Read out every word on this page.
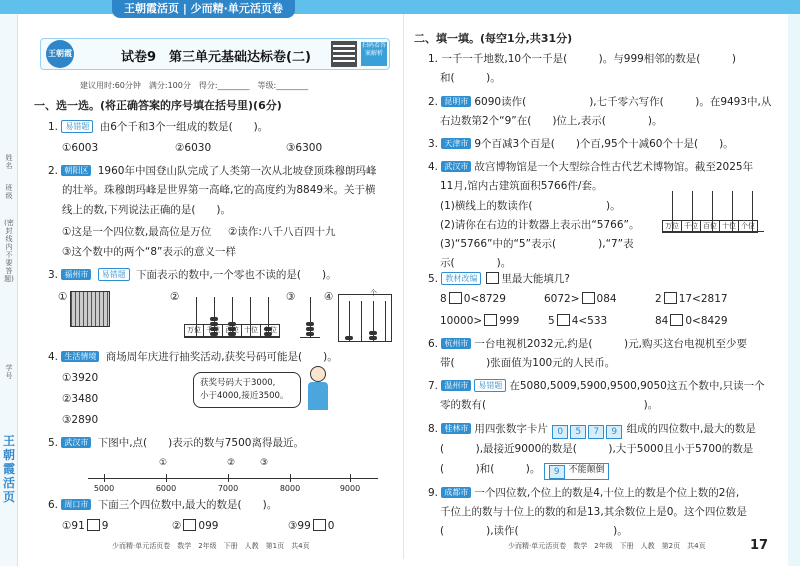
王朝霞活页 | 少而精·单元活页卷
姓名
班级
(密封线内不要答题)
学号
王朝霞活页
王朝霞	试卷9　第三单元基础达标卷(二)
扫码看答案解析
建议用时:60分钟　满分:100分　得分:________　等级:________
一、选一选。(将正确答案的序号填在括号里)(6分)
1. 易错题 由6个千和3个一组成的数是(　　)。
①6003	②6030	③6300
2. 朝阳区 1960年中国登山队完成了人类第一次从北坡登顶珠穆朗玛峰
的壮举。珠穆朗玛峰是世界第一高峰,它的高度约为8849米。关于横
线上的数,下列说法正确的是(　　)。
①这是一个四位数,最高位是万位 ②读作:八千八百四十九
③这个数中的两个“8”表示的意义一样
3. 福州市 易错题 下面表示的数中,一个零也不读的是(　　)。
①	②
万位 千位 百位 十位 个位
③	④	个
4. 生活情境 商场周年庆进行抽奖活动,获奖号码可能是(　　)。
①3920
②3480
③2890
获奖号码大于3000,
小于4000,接近3500。
5. 武汉市 下图中,点(　　)表示的数与7500离得最近。
5000	6000	7000	8000	9000
①	②	③
6. 周口市 下面三个四位数中,最大的数是(　　)。
①91 9	② 099	③99 0
少而精·单元活页卷　数学　2年级　下册　人教　第1页　共4页
二、填一填。(每空1分,共31分)
1. 一千一千地数,10个一千是(　　　)。与999相邻的数是(　　　)
和(　　　)。
2. 昆明市 6090读作(　　　　　　),七千零六写作(　　　)。在9493中,从
右边数第2个“9”在(　　)位上,表示(　　　　)。
3. 天津市 9个百减3个百是(　　)个百,95个十减60个十是(　　)。
4. 武汉市 故宫博物馆是一个大型综合性古代艺术博物馆。截至2025年
11月,馆内古建筑面积5766件/套。
(1)横线上的数读作(　　　　　　　)。
(2)请你在右边的计数器上表示出“5766”。
(3)“5766”中的“5”表示(　　　　),“7”表
示(　　　　)。
万位 千位 百位 十位 个位
5. 教材改编 里最大能填几?
8 0<8729	6072> 084	2 17<2817
10000> 999	5 4<533	84 0<8429
6. 杭州市 一台电视机2032元,约是(　　　)元,购买这台电视机至少要
带(　　　)张面值为100元的人民币。
7. 温州市 易错题 在5080,5009,5900,9500,9050这五个数中,只读一个
零的数有(　　　　　　　　　　　　　　　)。
8. 桂林市 用四张数字卡片 0 5 7 9 组成的四位数中,最大的数是
(　　　),最接近9000的数是(　　　),大于5000且小于5700的数是
(　　　)和(　　　)。 9 不能颠倒
9. 成都市 一个四位数,个位上的数是4,十位上的数是个位上数的2倍,
千位上的数与十位上的数的和是13,其余数位上是0。这个四位数是
(　　　　),读作(　　　　　　　　　)。
少而精·单元活页卷　数学　2年级　下册　人教　第2页　共4页	17
